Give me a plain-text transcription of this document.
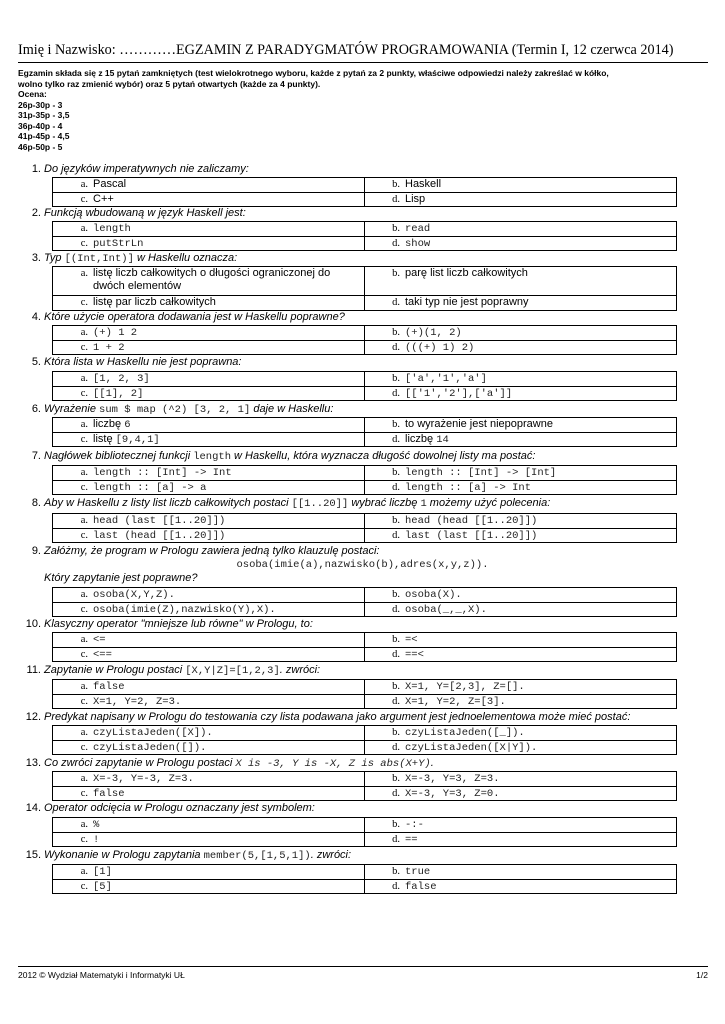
Imię i Nazwisko: …………EGZAMIN Z PARADYGMATÓW PROGRAMOWANIA (Termin I, 12 czerwca 2014)
Egzamin składa się z 15 pytań zamkniętych (test wielokrotnego wyboru, każde z pytań za 2 punkty, właściwe odpowiedzi należy zakreślać w kółko,
wolno tylko raz zmienić wybór) oraz 5 pytań otwartych (każde za 4 punkty).
Ocena:
26p-30p - 3
31p-35p - 3,5
36p-40p - 4
41p-45p - 4,5
46p-50p - 5
1. Do języków imperatywnych nie zaliczamy:
a. Pascal	b. Haskell
c. C++	d. Lisp
2. Funkcją wbudowaną w język Haskell jest:
a. length	b. read
c. putStrLn	d. show
3. Typ [(Int,Int)] w Haskellu oznacza:
a. listę liczb całkowitych o długości ograniczonej do dwóch elementów	b. parę list liczb całkowitych
c. listę par liczb całkowitych	d. taki typ nie jest poprawny
4. Które użycie operatora dodawania jest w Haskellu poprawne?
a. (+) 1 2	b. (+)(1, 2)
c. 1 + 2	d. (((+) 1) 2)
5. Która lista w Haskellu nie jest poprawna:
a. [1, 2, 3]	b. ['a','1','a']
c. [[1], 2]	d. [['1','2'],['a']]
6. Wyrażenie sum $ map (^2) [3, 2, 1] daje w Haskellu:
a. liczbę 6	b. to wyrażenie jest niepoprawne
c. listę [9,4,1]	d. liczbę 14
7. Nagłówek bibliotecznej funkcji length w Haskellu, która wyznacza długość dowolnej listy ma postać:
a. length :: [Int] -> Int	b. length :: [Int] -> [Int]
c. length :: [a] -> a	d. length :: [a] -> Int
8. Aby w Haskellu z listy list liczb całkowitych postaci [[1..20]] wybrać liczbę 1 możemy użyć polecenia:
a. head (last [[1..20]])	b. head (head [[1..20]])
c. last (head [[1..20]])	d. last (last [[1..20]])
9. Załóżmy, że program w Prologu zawiera jedną tylko klauzulę postaci:
osoba(imie(a),nazwisko(b),adres(x,y,z)).
Który zapytanie jest poprawne?
a. osoba(X,Y,Z).	b. osoba(X).
c. osoba(imie(Z),nazwisko(Y),X).	d. osoba(_,_,X).
10. Klasyczny operator "mniejsze lub równe" w Prologu, to:
a. <=	b. =<
c. <==	d. ==<
11. Zapytanie w Prologu postaci [X,Y|Z]=[1,2,3]. zwróci:
a. false	b. X=1, Y=[2,3], Z=[].
c. X=1, Y=2, Z=3.	d. X=1, Y=2, Z=[3].
12. Predykat napisany w Prologu do testowania czy lista podawana jako argument jest jednoelementowa może mieć postać:
a. czyListaJeden([X]).	b. czyListaJeden([_]).
c. czyListaJeden([]).	d. czyListaJeden([X|Y]).
13. Co zwróci zapytanie w Prologu postaci X is -3, Y is -X, Z is abs(X+Y).
a. X=-3, Y=-3, Z=3.	b. X=-3, Y=3, Z=3.
c. false	d. X=-3, Y=3, Z=0.
14. Operator odcięcia w Prologu oznaczany jest symbolem:
a. %	b. -:-
c. !	d. ==
15. Wykonanie w Prologu zapytania member(5,[1,5,1]). zwróci:
a. [1]	b. true
c. [5]	d. false
2012 © Wydział Matematyki i Informatyki UŁ	1/2
